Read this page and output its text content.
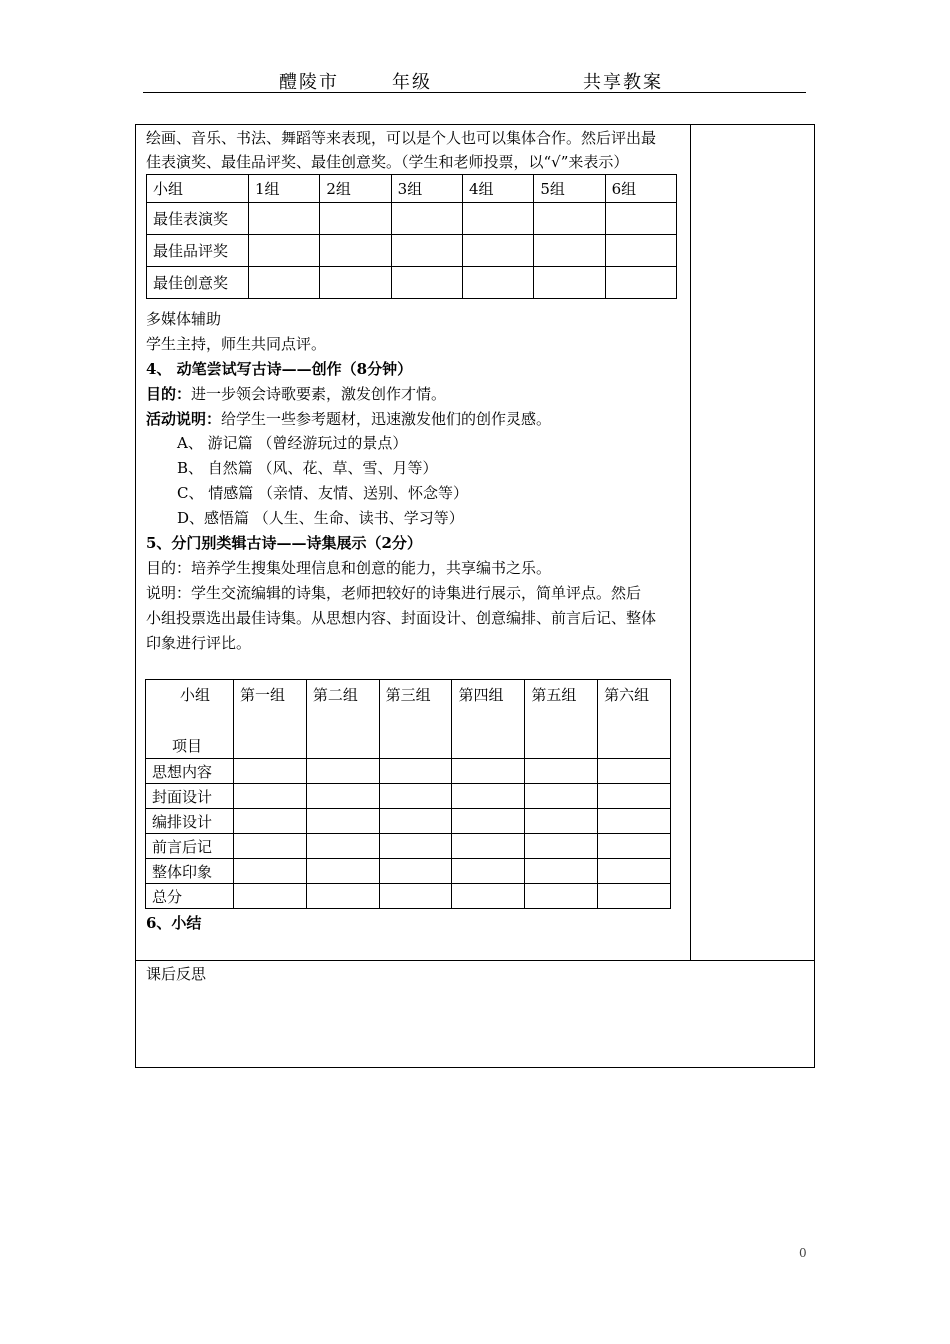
醴陵市	年级	共享教案
绘画、音乐、书法、舞蹈等来表现，可以是个人也可以集体合作。然后评出最
佳表演奖、最佳品评奖、最佳创意奖。（学生和老师投票，以“√”来表示）
小组	1组	2组	3组	4组	5组	6组
最佳表演奖						
最佳品评奖						
最佳创意奖						
多媒体辅助
学生主持，师生共同点评。
4、 动笔尝试写古诗——创作（8分钟）
目的：进一步领会诗歌要素，激发创作才情。
活动说明：给学生一些参考题材，迅速激发他们的创作灵感。
A、 游记篇 （曾经游玩过的景点）
B、 自然篇 （风、花、草、雪、月等）
C、 情感篇 （亲情、友情、送别、怀念等）
D、感悟篇 （人生、生命、读书、学习等）
5、分门别类辑古诗——诗集展示（2分）
目的：培养学生搜集处理信息和创意的能力，共享编书之乐。
说明：学生交流编辑的诗集，老师把较好的诗集进行展示，简单评点。然后
小组投票选出最佳诗集。从思想内容、封面设计、创意编排、前言后记、整体
印象进行评比。
小组
项目	第一组	第二组	第三组	第四组	第五组	第六组
思想内容						
封面设计						
编排设计						
前言后记						
整体印象						
总分						
6、小结
课后反思
0
